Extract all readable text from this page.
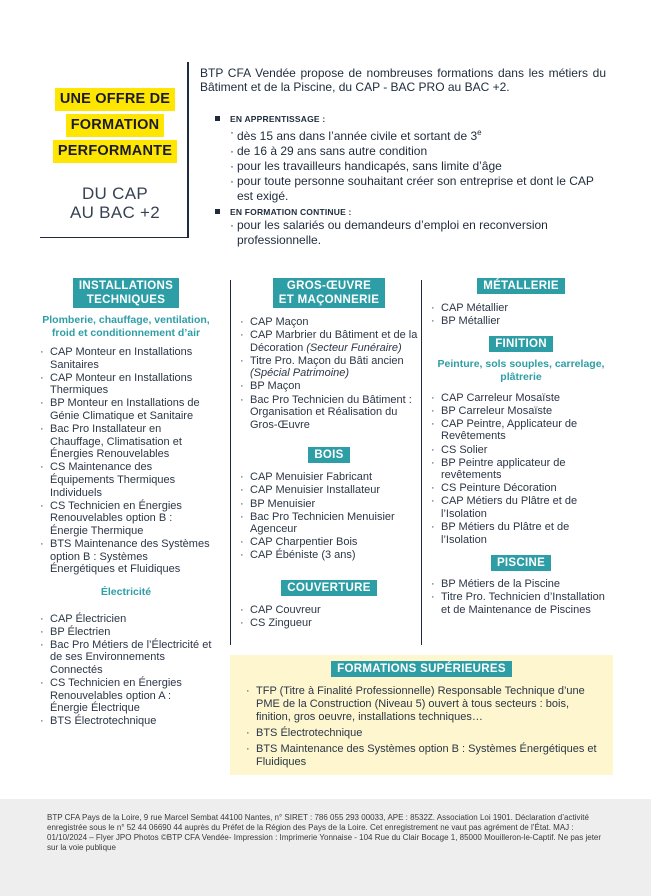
UNE OFFRE DE
FORMATION
PERFORMANTE
DU CAP
AU BAC +2

BTP CFA Vendée propose de nombreuses formations dans les métiers du Bâtiment et de la Piscine, du CAP - BAC PRO au BAC +2.

EN APPRENTISSAGE :
· dès 15 ans dans l’année civile et sortant de $3^e$
· de 16 à 29 ans sans autre condition
· pour les travailleurs handicapés, sans limite d’âge
· pour toute personne souhaitant créer son entreprise et dont le CAP est exigé.
EN FORMATION CONTINUE :
· pour les salariés ou demandeurs d’emploi en reconversion professionnelle.
INSTALLATIONS
TECHNIQUES
Plomberie, chauffage, ventilation, froid et conditionnement d’air
· CAP Monteur en Installations Sanitaires
· CAP Monteur en Installations Thermiques
· BP Monteur en Installations de Génie Climatique et Sanitaire
· Bac Pro Installateur en Chauffage, Climatisation et Énergies Renouvelables
· CS Maintenance des Équipements Thermiques Individuels
· CS Technicien en Énergies Renouvelables option B : Énergie Thermique
· BTS Maintenance des Systèmes option B : Systèmes Énergétiques et Fluidiques
Électricité
· CAP Électricien
· BP Électrien
· Bac Pro Métiers de l’Électricité et de ses Environnements Connectés
· CS Technicien en Énergies Renouvelables option A : Énergie Électrique
· BTS Électrotechnique
GROS-ŒUVRE
ET MAÇONNERIE
· CAP Maçon
· CAP Marbrier du Bâtiment et de la Décoration (Secteur Funéraire)
· Titre Pro. Maçon du Bâti ancien (Spécial Patrimoine)
· BP Maçon
· Bac Pro Technicien du Bâtiment : Organisation et Réalisation du Gros-Œuvre
BOIS
· CAP Menuisier Fabricant
· CAP Menuisier Installateur
· BP Menuisier
· Bac Pro Technicien Menuisier Agenceur
· CAP Charpentier Bois
· CAP Ébéniste (3 ans)
COUVERTURE
· CAP Couvreur
· CS Zingueur
MÉTALLERIE
· CAP Métallier
· BP Métallier
FINITION
Peinture, sols souples, carrelage, plâtrerie
· CAP Carreleur Mosaïste
· BP Carreleur Mosaïste
· CAP Peintre, Applicateur de Revêtements
· CS Solier
· BP Peintre applicateur de revêtements
· CS Peinture Décoration
· CAP Métiers du Plâtre et de l’Isolation
· BP Métiers du Plâtre et de l’Isolation
PISCINE
· BP Métiers de la Piscine
· Titre Pro. Technicien d’Installation et de Maintenance de Piscines
FORMATIONS SUPÉRIEURES
· TFP (Titre à Finalité Professionnelle) Responsable Technique d’une PME de la Construction (Niveau 5) ouvert à tous secteurs : bois, finition, gros oeuvre, installations techniques…
· BTS Électrotechnique
· BTS Maintenance des Systèmes option B : Systèmes Énergétiques et Fluidiques

BTP CFA Pays de la Loire, 9 rue Marcel Sembat 44100 Nantes, n° SIRET : 786 055 293 00033, APE : 8532Z. Association Loi 1901. Déclaration d’activité enregistrée sous le n° 52 44 06690 44 auprès du Préfet de la Région des Pays de la Loire. Cet enregistrement ne vaut pas agrément de l’État. MAJ : 01/10/2024 – Flyer JPO Photos ©BTP CFA Vendée- Impression : Imprimerie Yonnaise - 104 Rue du Clair Bocage 1, 85000 Mouilleron-le-Captif. Ne pas jeter sur la voie publique
